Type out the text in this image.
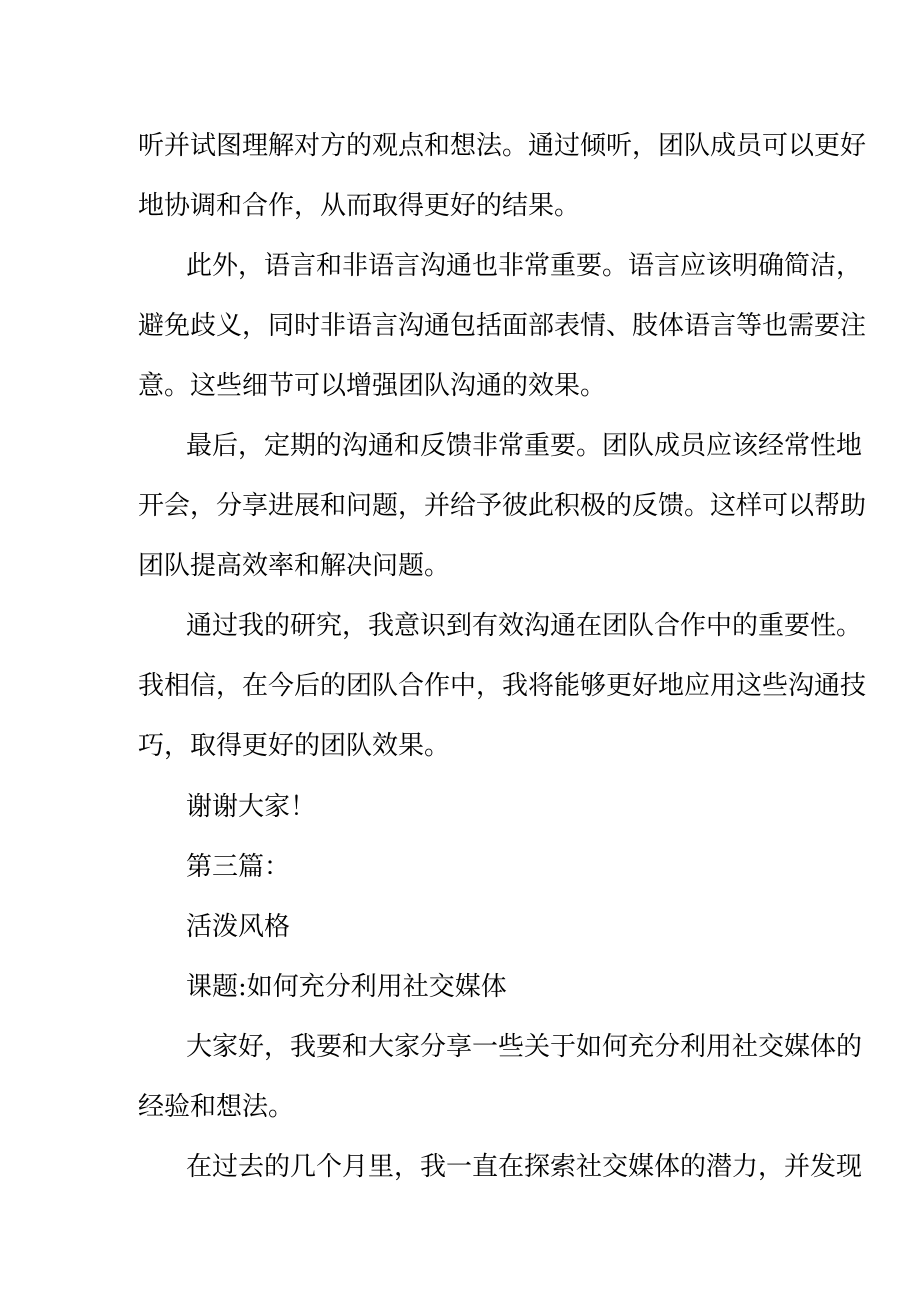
听并试图理解对方的观点和想法。通过倾听，团队成员可以更好
地协调和合作，从而取得更好的结果。
此外，语言和非语言沟通也非常重要。语言应该明确简洁，
避免歧义，同时非语言沟通包括面部表情、肢体语言等也需要注
意。这些细节可以增强团队沟通的效果。
最后，定期的沟通和反馈非常重要。团队成员应该经常性地
开会，分享进展和问题，并给予彼此积极的反馈。这样可以帮助
团队提高效率和解决问题。
通过我的研究，我意识到有效沟通在团队合作中的重要性。
我相信，在今后的团队合作中，我将能够更好地应用这些沟通技
巧，取得更好的团队效果。
谢谢大家！
第三篇：
活泼风格
课题:如何充分利用社交媒体
大家好，我要和大家分享一些关于如何充分利用社交媒体的
经验和想法。
在过去的几个月里，我一直在探索社交媒体的潜力，并发现
